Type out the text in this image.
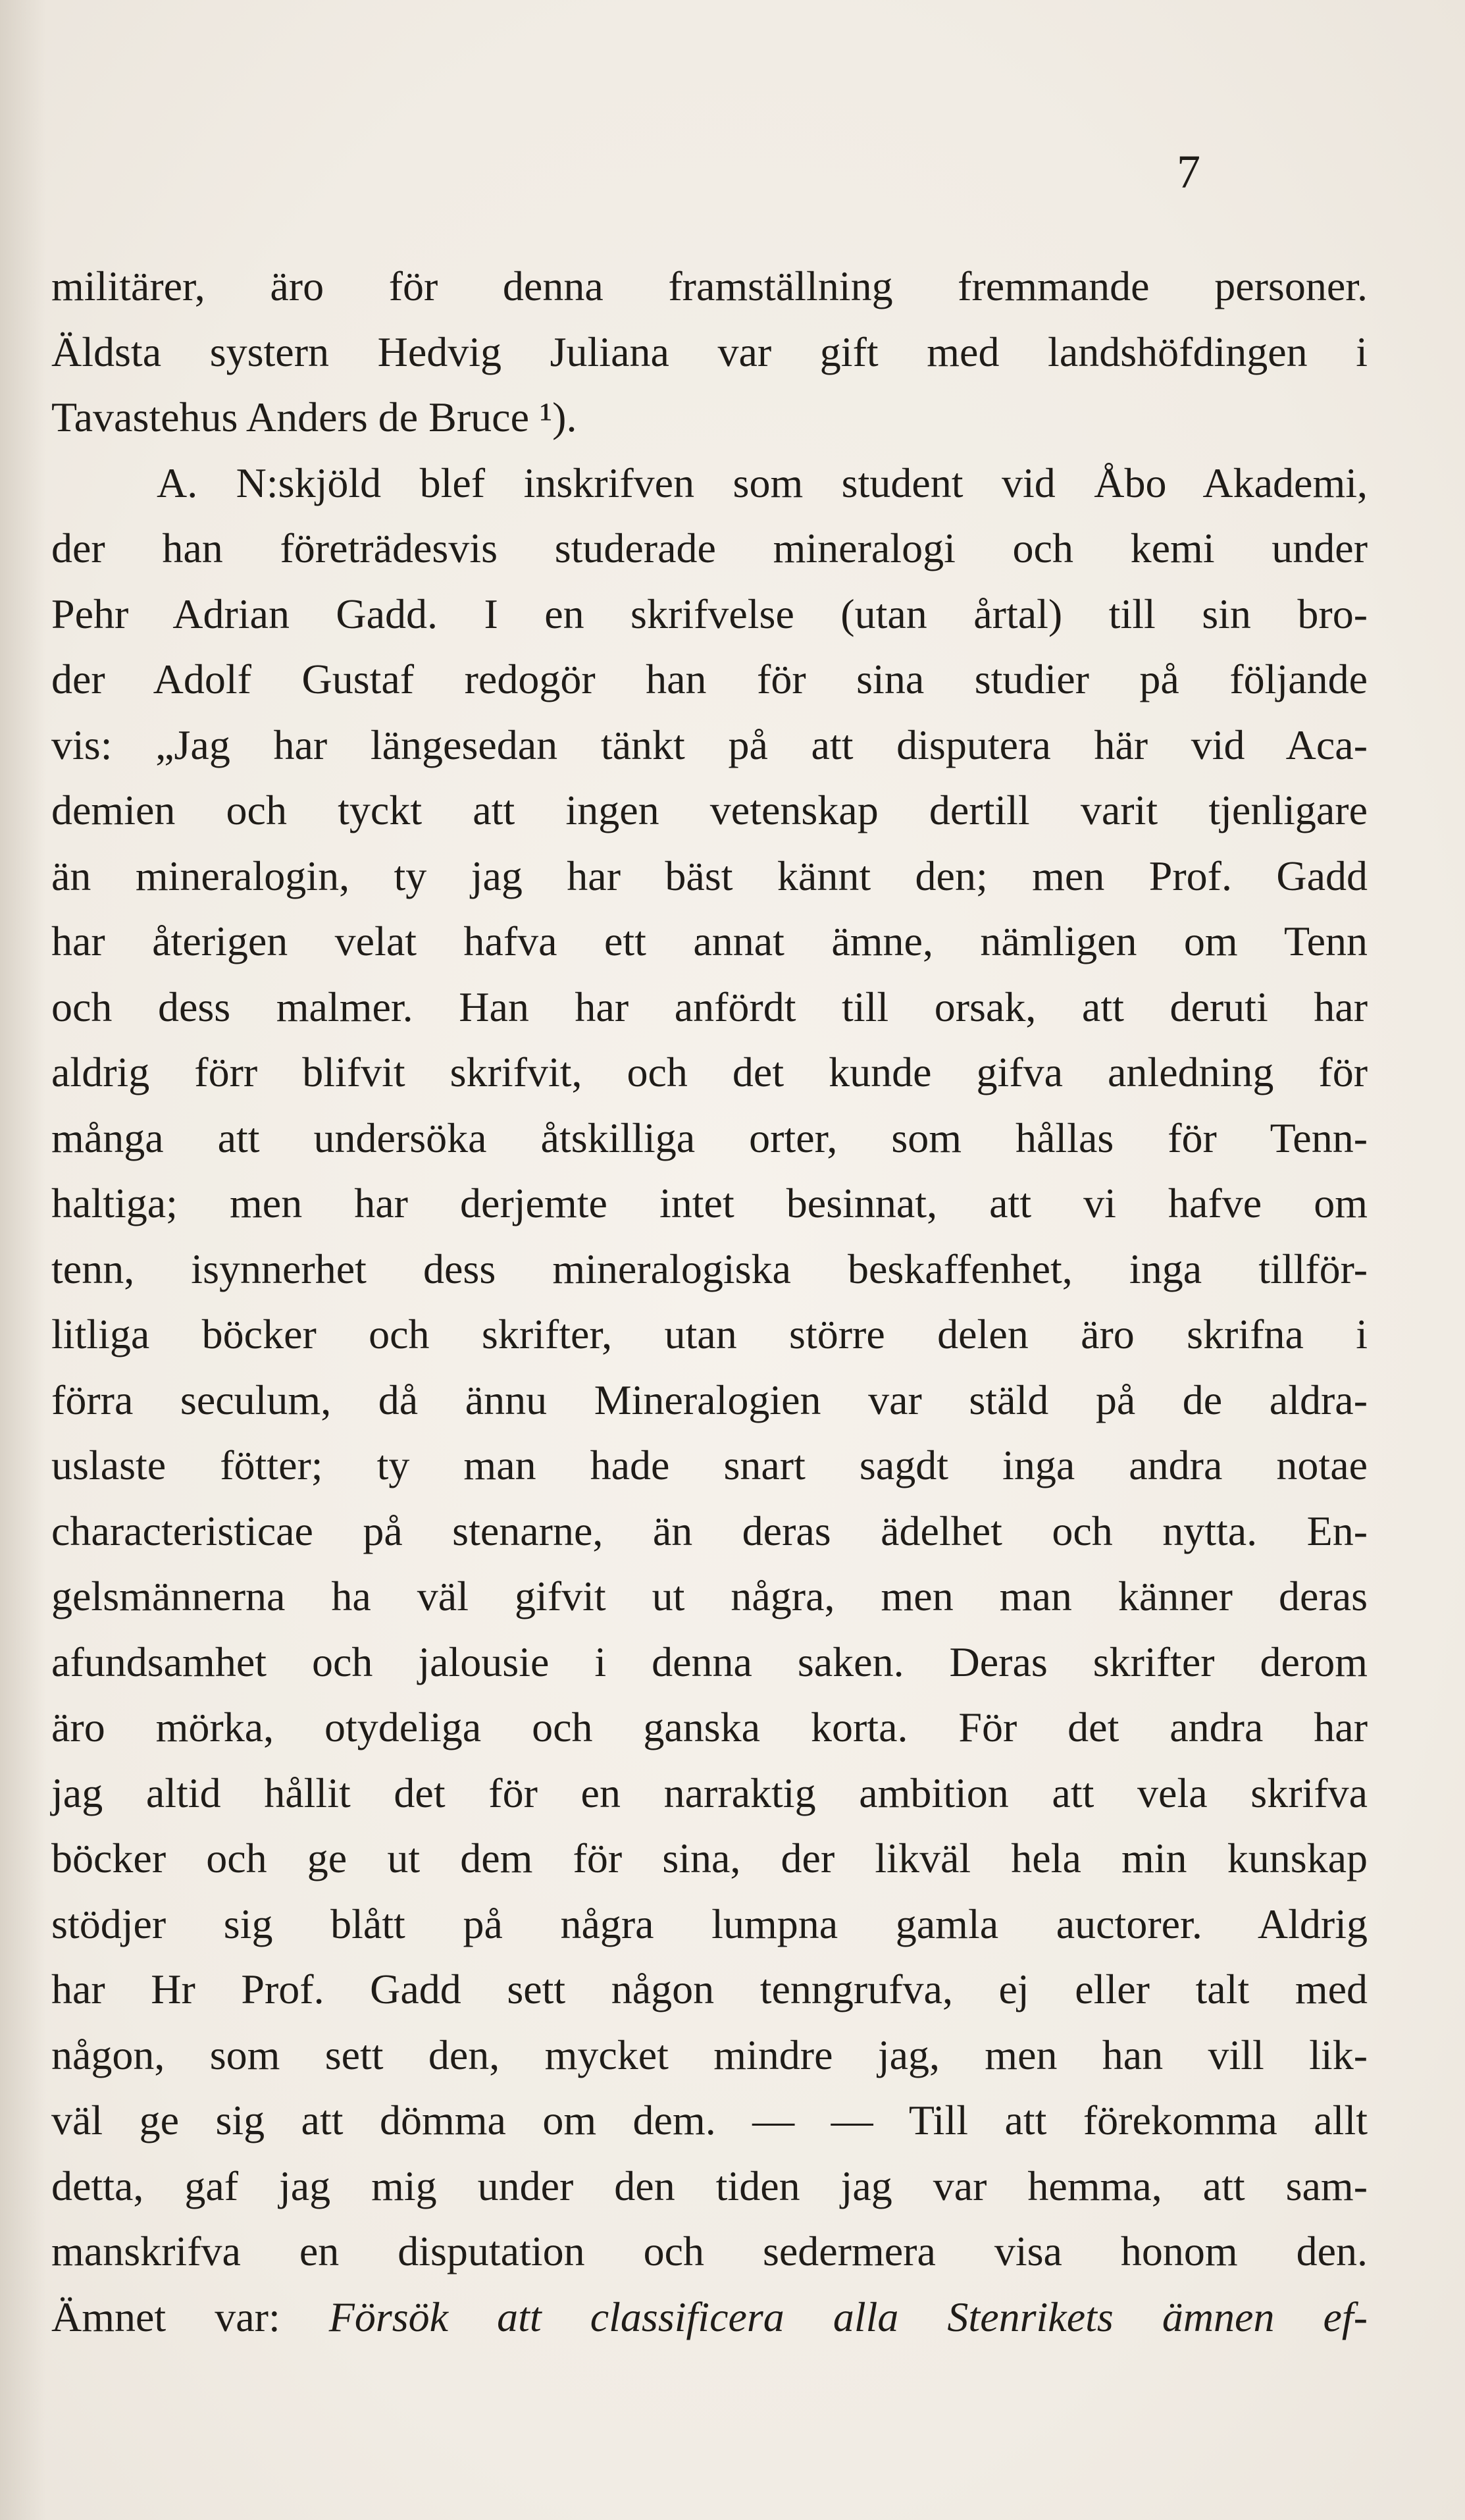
7
militärer, äro för denna framställning fremmande personer.
Äldsta systern Hedvig Juliana var gift med landshöfdingen i
Tavastehus Anders de Bruce ¹).
A. N:skjöld blef inskrifven som student vid Åbo Akademi,
der han företrädesvis studerade mineralogi och kemi under
Pehr Adrian Gadd. I en skrifvelse (utan årtal) till sin bro-
der Adolf Gustaf redogör han för sina studier på följande
vis: „Jag har längesedan tänkt på att disputera här vid Aca-
demien och tyckt att ingen vetenskap dertill varit tjenligare
än mineralogin, ty jag har bäst kännt den; men Prof. Gadd
har återigen velat hafva ett annat ämne, nämligen om Tenn
och dess malmer. Han har anfördt till orsak, att deruti har
aldrig förr blifvit skrifvit, och det kunde gifva anledning för
många att undersöka åtskilliga orter, som hållas för Tenn-
haltiga; men har derjemte intet besinnat, att vi hafve om
tenn, isynnerhet dess mineralogiska beskaffenhet, inga tillför-
litliga böcker och skrifter, utan större delen äro skrifna i
förra seculum, då ännu Mineralogien var stäld på de aldra-
uslaste fötter; ty man hade snart sagdt inga andra notae
characteristicae på stenarne, än deras ädelhet och nytta. En-
gelsmännerna ha väl gifvit ut några, men man känner deras
afundsamhet och jalousie i denna saken. Deras skrifter derom
äro mörka, otydeliga och ganska korta. För det andra har
jag altid hållit det för en narraktig ambition att vela skrifva
böcker och ge ut dem för sina, der likväl hela min kunskap
stödjer sig blått på några lumpna gamla auctorer. Aldrig
har Hr Prof. Gadd sett någon tenngrufva, ej eller talt med
någon, som sett den, mycket mindre jag, men han vill lik-
väl ge sig att dömma om dem. — — Till att förekomma allt
detta, gaf jag mig under den tiden jag var hemma, att sam-
manskrifva en disputation och sedermera visa honom den.
Ämnet var: Försök att classificera alla Stenrikets ämnen ef-
